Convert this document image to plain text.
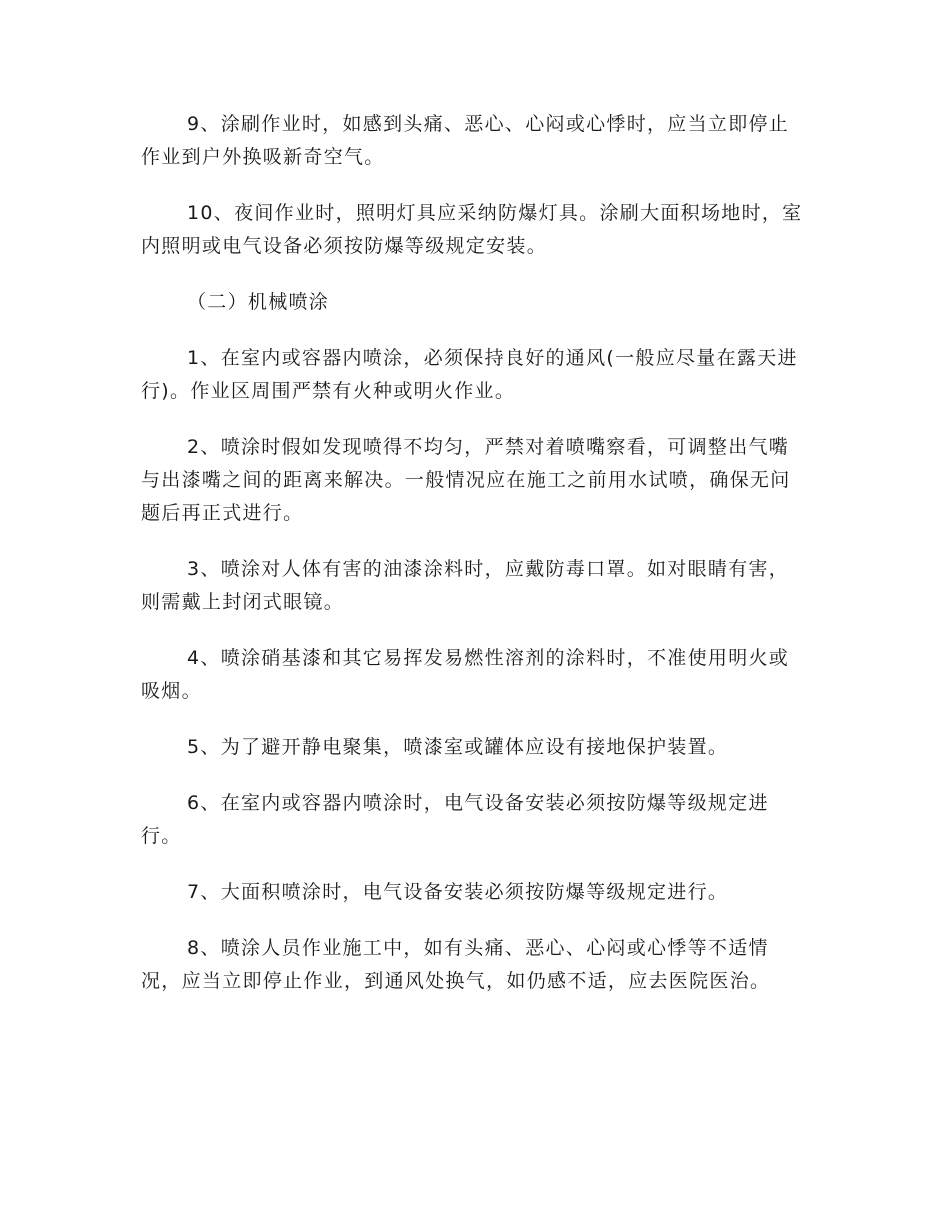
9、涂刷作业时，如感到头痛、恶心、心闷或心悸时，应当立即停止作业到户外换吸新奇空气。

10、夜间作业时，照明灯具应采纳防爆灯具。涂刷大面积场地时，室内照明或电气设备必须按防爆等级规定安装。

（二）机械喷涂

1、在室内或容器内喷涂，必须保持良好的通风(一般应尽量在露天进行)。作业区周围严禁有火种或明火作业。

2、喷涂时假如发现喷得不均匀，严禁对着喷嘴察看，可调整出气嘴与出漆嘴之间的距离来解决。一般情况应在施工之前用水试喷，确保无问题后再正式进行。

3、喷涂对人体有害的油漆涂料时，应戴防毒口罩。如对眼睛有害，则需戴上封闭式眼镜。

4、喷涂硝基漆和其它易挥发易燃性溶剂的涂料时，不准使用明火或吸烟。

5、为了避开静电聚集，喷漆室或罐体应设有接地保护装置。

6、在室内或容器内喷涂时，电气设备安装必须按防爆等级规定进行。

7、大面积喷涂时，电气设备安装必须按防爆等级规定进行。

8、喷涂人员作业施工中，如有头痛、恶心、心闷或心悸等不适情况，应当立即停止作业，到通风处换气，如仍感不适，应去医院医治。
